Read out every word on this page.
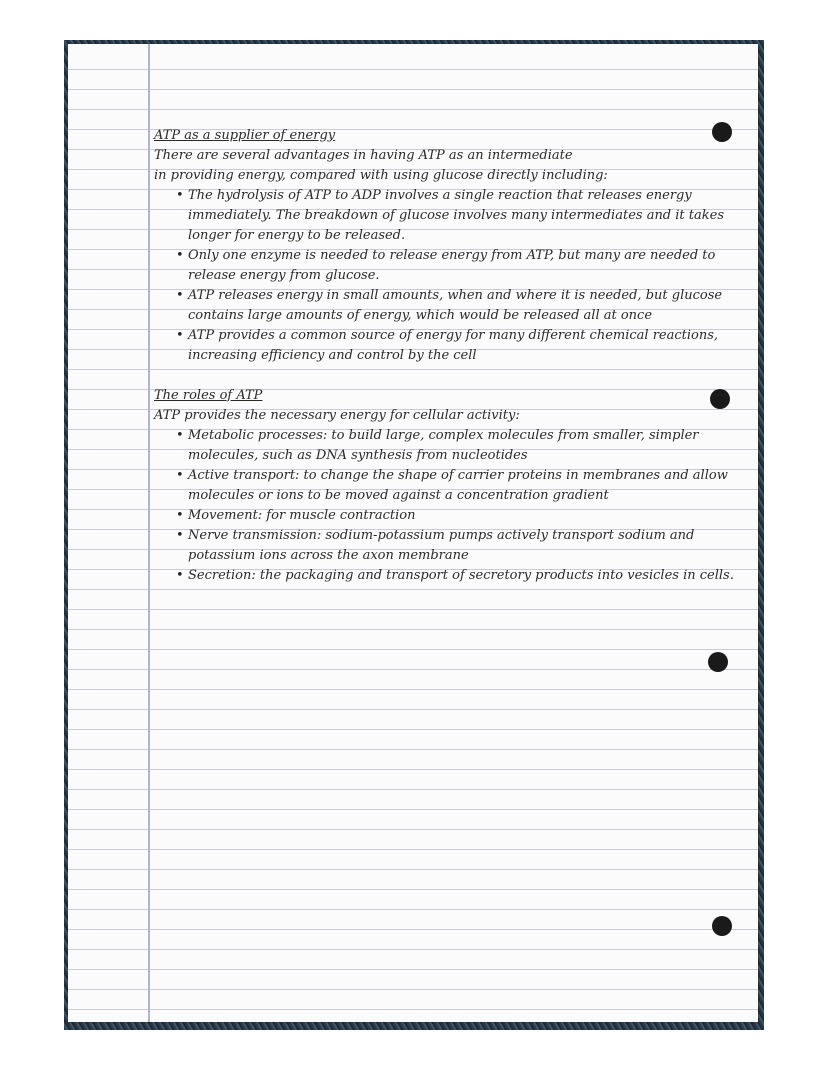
ATP as a supplier of energy
There are several advantages in having ATP as an intermediate
in providing energy, compared with using glucose directly including:
• The hydrolysis of ATP to ADP involves a single reaction that releases energy immediately. The breakdown of glucose involves many intermediates and it takes longer for energy to be released.
• Only one enzyme is needed to release energy from ATP, but many are needed to release energy from glucose.
• ATP releases energy in small amounts, when and where it is needed, but glucose contains large amounts of energy, which would be released all at once
• ATP provides a common source of energy for many different chemical reactions, increasing efficiency and control by the cell
The roles of ATP
ATP provides the necessary energy for cellular activity:
• Metabolic processes: to build large, complex molecules from smaller, simpler molecules, such as DNA synthesis from nucleotides
• Active transport: to change the shape of carrier proteins in membranes and allow molecules or ions to be moved against a concentration gradient
• Movement: for muscle contraction
• Nerve transmission: sodium-potassium pumps actively transport sodium and potassium ions across the axon membrane
• Secretion: the packaging and transport of secretory products into vesicles in cells.
